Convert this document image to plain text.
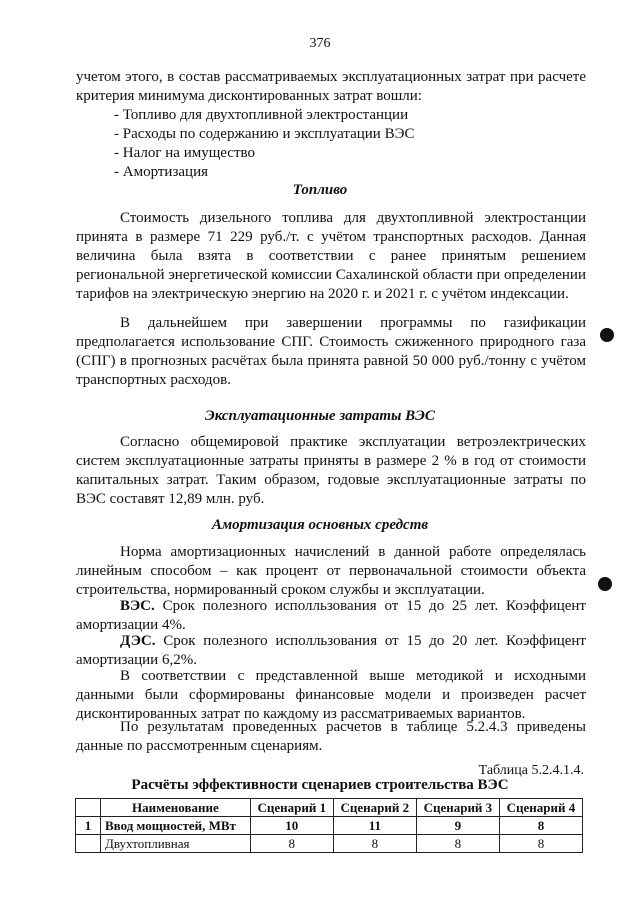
376

учетом этого, в состав рассматриваемых эксплуатационных затрат при расчете критерия минимума дисконтированных затрат вошли:

- Топливо для двухтопливной электростанции
- Расходы по содержанию и эксплуатации ВЭС
- Налог на имущество
- Амортизация
Топливо

Стоимость дизельного топлива для двухтопливной электростанции принята в размере 71 229 руб./т. с учётом транспортных расходов. Данная величина была взята в соответствии с ранее принятым решением региональной энергетической комиссии Сахалинской области при определении тарифов на электрическую энергию на 2020 г. и 2021 г. с учётом индексации.

В дальнейшем при завершении программы по газификации предполагается использование СПГ. Стоимость сжиженного природного газа (СПГ) в прогнозных расчётах была принята равной 50 000 руб./тонну с учётом транспортных расходов.

Эксплуатационные затраты ВЭС

Согласно общемировой практике эксплуатации ветроэлектрических систем эксплуатационные затраты приняты в размере 2 % в год от стоимости капитальных затрат. Таким образом, годовые эксплуатационные затраты по ВЭС составят 12,89 млн. руб.

Амортизация основных средств

Норма амортизационных начислений в данной работе определялась линейным способом – как процент от первоначальной стоимости объекта строительства, нормированный сроком службы и эксплуатации.

ВЭС. Срок полезного исполльзования от 15 до 25 лет. Коэффицент амортизации 4%.

ДЭС. Срок полезного исполльзования от 15 до 20 лет. Коэффицент амортизации 6,2%.

В соответствии с представленной выше методикой и исходными данными были сформированы финансовые модели и произведен расчет дисконтированных затрат по каждому из рассматриваемых вариантов.

По результатам проведенных расчетов в таблице 5.2.4.3 приведены данные по рассмотренным сценариям.

Таблица 5.2.4.1.4.
Расчёты эффективности сценариев строительства ВЭС
	Наименование	Сценарий 1	Сценарий 2	Сценарий 3	Сценарий 4
1	Ввод мощностей, МВт	10	11	9	8
	Двухтопливная	8	8	8	8
